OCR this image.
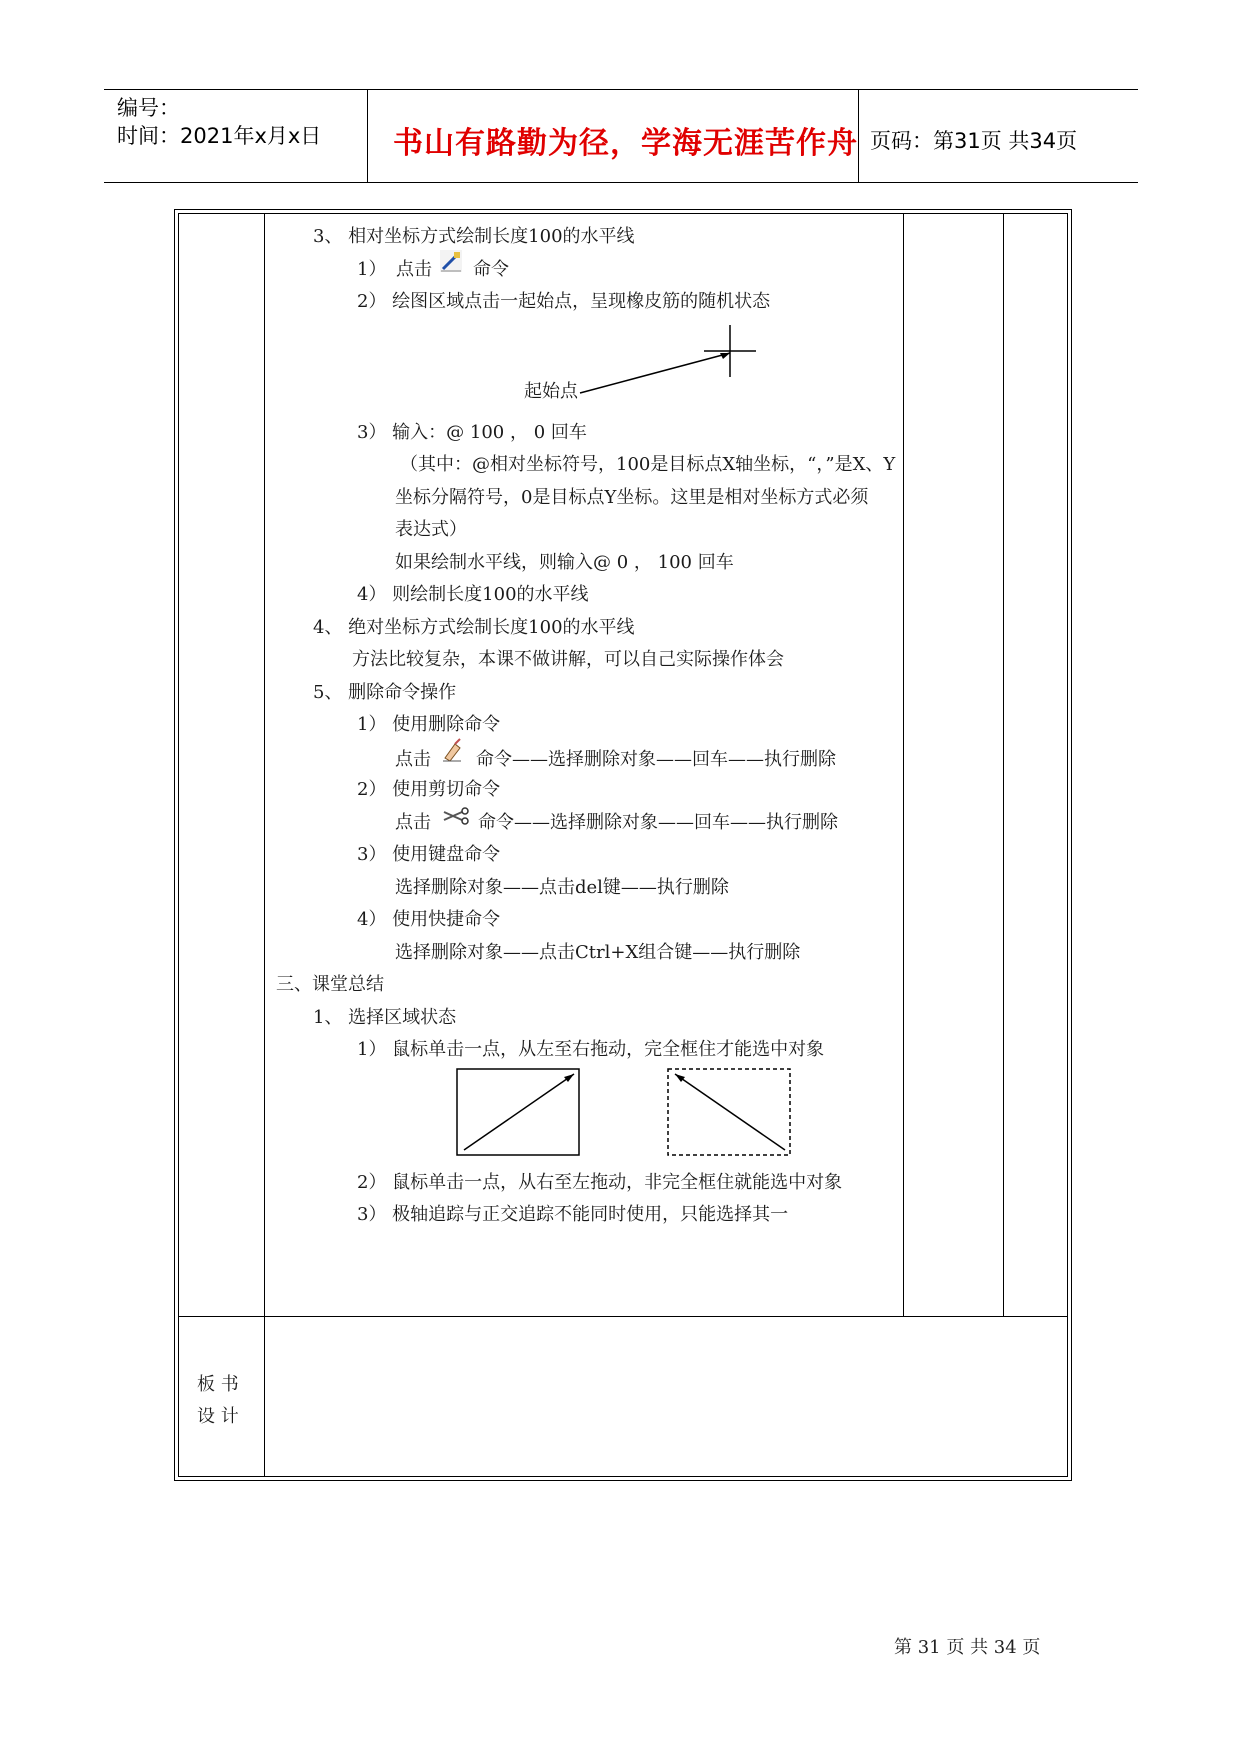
编号：
时间：2021年x月x日 书山有路勤为径，学海无涯苦作舟 页码：第31页 共34页
3、 相对坐标方式绘制长度100的水平线
1） 点击 命令
2） 绘图区域点击一起始点，呈现橡皮筋的随机状态
起始点
3） 输入：@ 100 ， 0 回车
（其中：@相对坐标符号，100是目标点X轴坐标，“，”是X、Y
坐标分隔符号，0是目标点Y坐标。这里是相对坐标方式必须
表达式）
如果绘制水平线，则输入@ 0 ， 100 回车
4） 则绘制长度100的水平线
4、 绝对坐标方式绘制长度100的水平线
方法比较复杂，本课不做讲解，可以自己实际操作体会
5、 删除命令操作
1） 使用删除命令
点击	命令——选择删除对象——回车——执行删除
2） 使用剪切命令
点击	命令——选择删除对象——回车——执行删除
3） 使用键盘命令
选择删除对象——点击del键——执行删除
4） 使用快捷命令
选择删除对象——点击Ctrl+X组合键——执行删除
三、课堂总结
1、 选择区域状态
1） 鼠标单击一点，从左至右拖动，完全框住才能选中对象
2） 鼠标单击一点，从右至左拖动，非完全框住就能选中对象
3） 极轴追踪与正交追踪不能同时使用，只能选择其一
板 书
设 计
第 31 页 共 34 页
